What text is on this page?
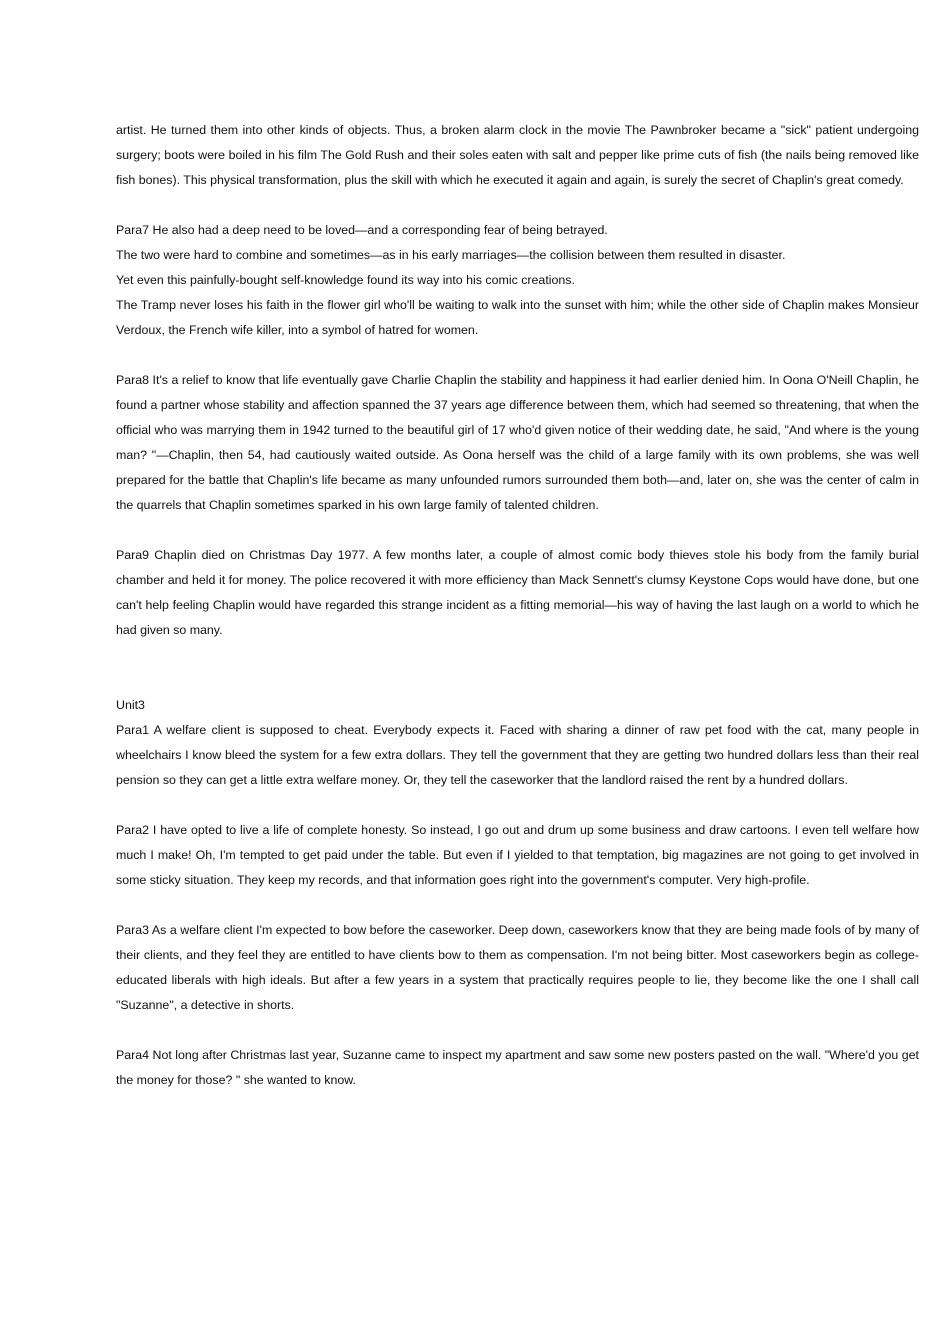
artist. He turned them into other kinds of objects. Thus, a broken alarm clock in the movie The Pawnbroker became a "sick" patient undergoing surgery; boots were boiled in his film The Gold Rush and their soles eaten with salt and pepper like prime cuts of fish (the nails being removed like fish bones). This physical transformation, plus the skill with which he executed it again and again, is surely the secret of Chaplin's great comedy.

Para7 He also had a deep need to be loved—and a corresponding fear of being betrayed.
The two were hard to combine and sometimes—as in his early marriages—the collision between them resulted in disaster.
Yet even this painfully-bought self-knowledge found its way into his comic creations.
The Tramp never loses his faith in the flower girl who'll be waiting to walk into the sunset with him; while the other side of Chaplin makes Monsieur Verdoux, the French wife killer, into a symbol of hatred for women.

Para8 It's a relief to know that life eventually gave Charlie Chaplin the stability and happiness it had earlier denied him. In Oona O'Neill Chaplin, he found a partner whose stability and affection spanned the 37 years age difference between them, which had seemed so threatening, that when the official who was marrying them in 1942 turned to the beautiful girl of 17 who'd given notice of their wedding date, he said, "And where is the young man? "—Chaplin, then 54, had cautiously waited outside. As Oona herself was the child of a large family with its own problems, she was well prepared for the battle that Chaplin's life became as many unfounded rumors surrounded them both—and, later on, she was the center of calm in the quarrels that Chaplin sometimes sparked in his own large family of talented children.

Para9 Chaplin died on Christmas Day 1977. A few months later, a couple of almost comic body thieves stole his body from the family burial chamber and held it for money. The police recovered it with more efficiency than Mack Sennett's clumsy Keystone Cops would have done, but one can't help feeling Chaplin would have regarded this strange incident as a fitting memorial—his way of having the last laugh on a world to which he had given so many.

Unit3

Para1 A welfare client is supposed to cheat. Everybody expects it. Faced with sharing a dinner of raw pet food with the cat, many people in wheelchairs I know bleed the system for a few extra dollars. They tell the government that they are getting two hundred dollars less than their real pension so they can get a little extra welfare money. Or, they tell the caseworker that the landlord raised the rent by a hundred dollars.

Para2 I have opted to live a life of complete honesty. So instead, I go out and drum up some business and draw cartoons. I even tell welfare how much I make! Oh, I'm tempted to get paid under the table. But even if I yielded to that temptation, big magazines are not going to get involved in some sticky situation. They keep my records, and that information goes right into the government's computer. Very high-profile.

Para3 As a welfare client I'm expected to bow before the caseworker. Deep down, caseworkers know that they are being made fools of by many of their clients, and they feel they are entitled to have clients bow to them as compensation. I'm not being bitter. Most caseworkers begin as college-educated liberals with high ideals. But after a few years in a system that practically requires people to lie, they become like the one I shall call "Suzanne", a detective in shorts.

Para4 Not long after Christmas last year, Suzanne came to inspect my apartment and saw some new posters pasted on the wall. "Where'd you get the money for those? " she wanted to know.
